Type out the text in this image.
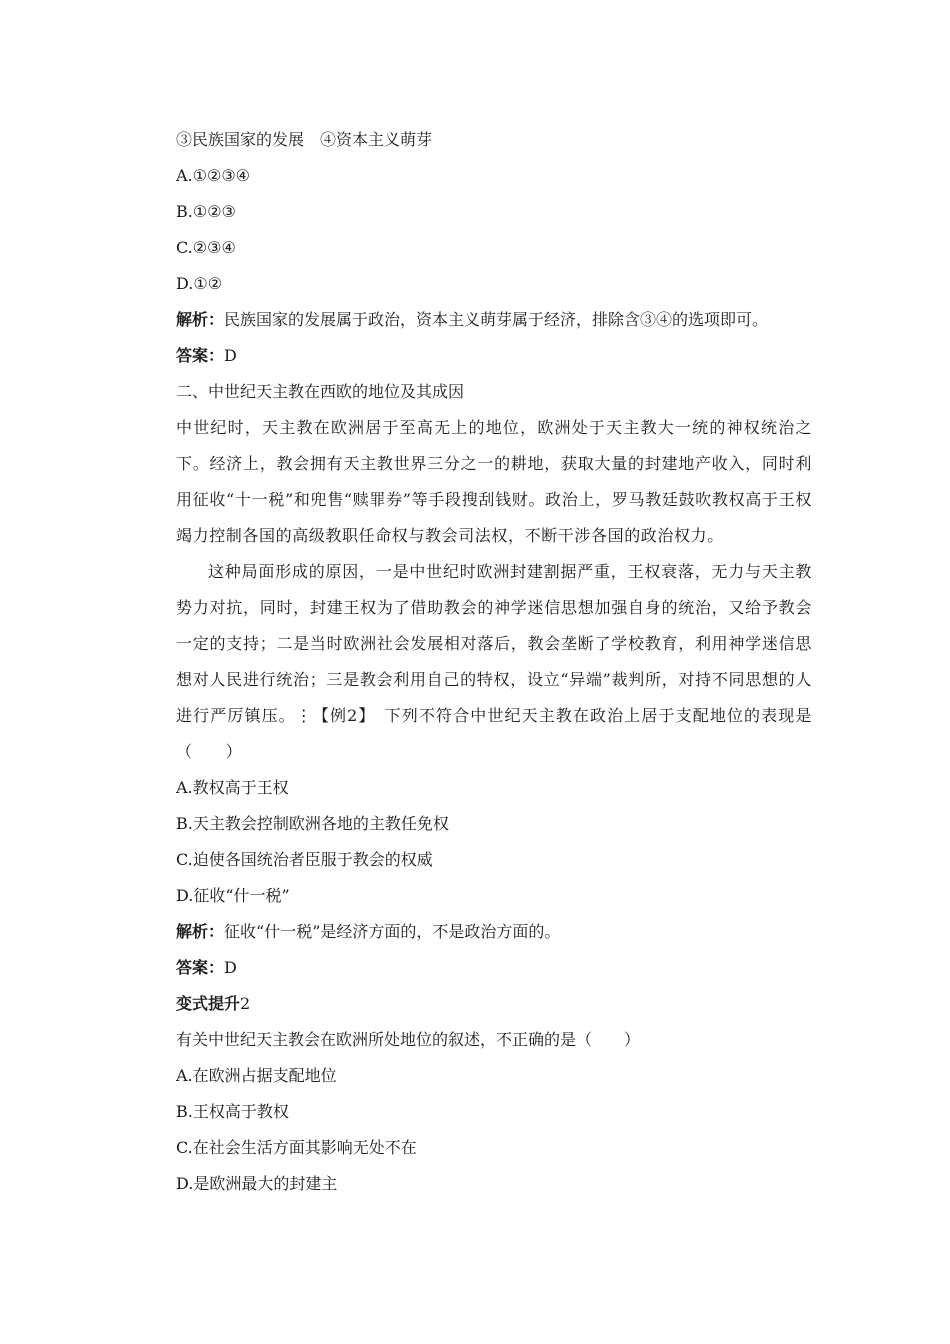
③民族国家的发展　④资本主义萌芽
A.①②③④
B.①②③
C.②③④
D.①②
解析：民族国家的发展属于政治，资本主义萌芽属于经济，排除含③④的选项即可。
答案：D
二、中世纪天主教在西欧的地位及其成因
中世纪时，天主教在欧洲居于至高无上的地位，欧洲处于天主教大一统的神权统治之下。经济上，教会拥有天主教世界三分之一的耕地，获取大量的封建地产收入，同时利用征收“十一税”和兜售“赎罪券”等手段搜刮钱财。政治上，罗马教廷鼓吹教权高于王权竭力控制各国的高级教职任命权与教会司法权，不断干涉各国的政治权力。
这种局面形成的原因，一是中世纪时欧洲封建割据严重，王权衰落，无力与天主教势力对抗，同时，封建王权为了借助教会的神学迷信思想加强自身的统治，又给予教会一定的支持；二是当时欧洲社会发展相对落后，教会垄断了学校教育，利用神学迷信思想对人民进行统治；三是教会利用自己的特权，设立“异端”裁判所，对持不同思想的人进行严厉镇压。⋮【例2】　下列不符合中世纪天主教在政治上居于支配地位的表现是（　　）
A.教权高于王权
B.天主教会控制欧洲各地的主教任免权
C.迫使各国统治者臣服于教会的权威
D.征收“什一税”
解析：征收“什一税”是经济方面的，不是政治方面的。
答案：D
变式提升2
有关中世纪天主教会在欧洲所处地位的叙述，不正确的是（　　）
A.在欧洲占据支配地位
B.王权高于教权
C.在社会生活方面其影响无处不在
D.是欧洲最大的封建主
